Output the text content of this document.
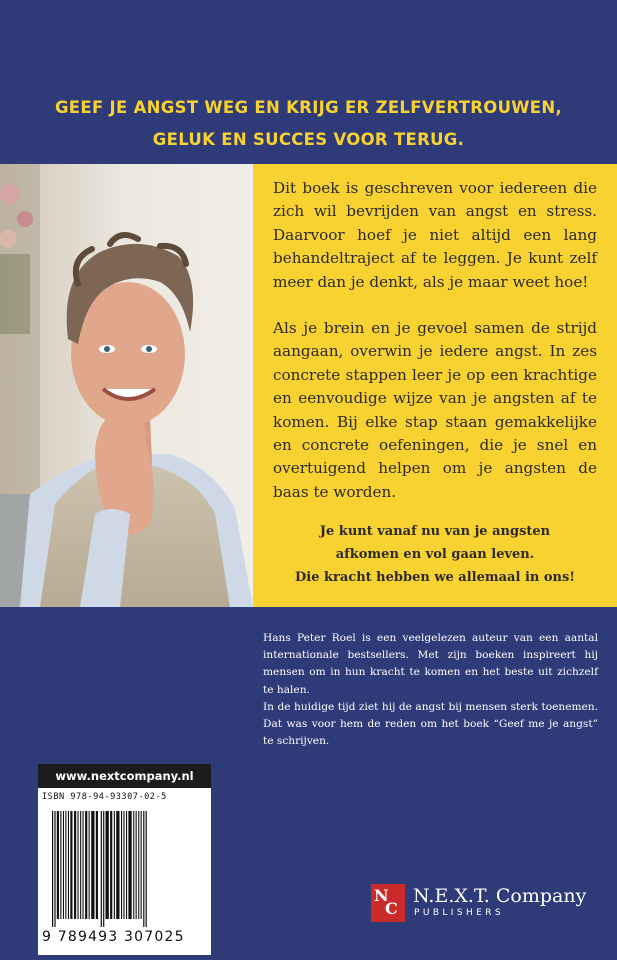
GEEF JE ANGST WEG EN KRIJG ER ZELFVERTROUWEN,
GELUK EN SUCCES VOOR TERUG.

Dit boek is geschreven voor iedereen die zich wil bevrijden van angst en stress. Daarvoor hoef je niet altijd een lang behandeltraject af te leggen. Je kunt zelf meer dan je denkt, als je maar weet hoe!

Als je brein en je gevoel samen de strijd aangaan, overwin je iedere angst. In zes concrete stappen leer je op een krachtige en eenvoudige wijze van je angsten af te komen. Bij elke stap staan gemakkelijke en concrete oefeningen, die je snel en overtuigend helpen om je angsten de baas te worden.

Je kunt vanaf nu van je angsten
afkomen en vol gaan leven.
Die kracht hebben we allemaal in ons!
Hans Peter Roel is een veelgelezen auteur van een aantal internationale bestsellers. Met zijn boeken inspireert hij mensen om in hun kracht te komen en het beste uit zichzelf te halen.
In de huidige tijd ziet hij de angst bij mensen sterk toenemen. Dat was voor hem de reden om het boek “Geef me je angst” te schrijven.
www.nextcompany.nl
ISBN 978-94-93307-02-5
9 789493 307025
N
C
N.E.X.T. Company
PUBLISHERS
